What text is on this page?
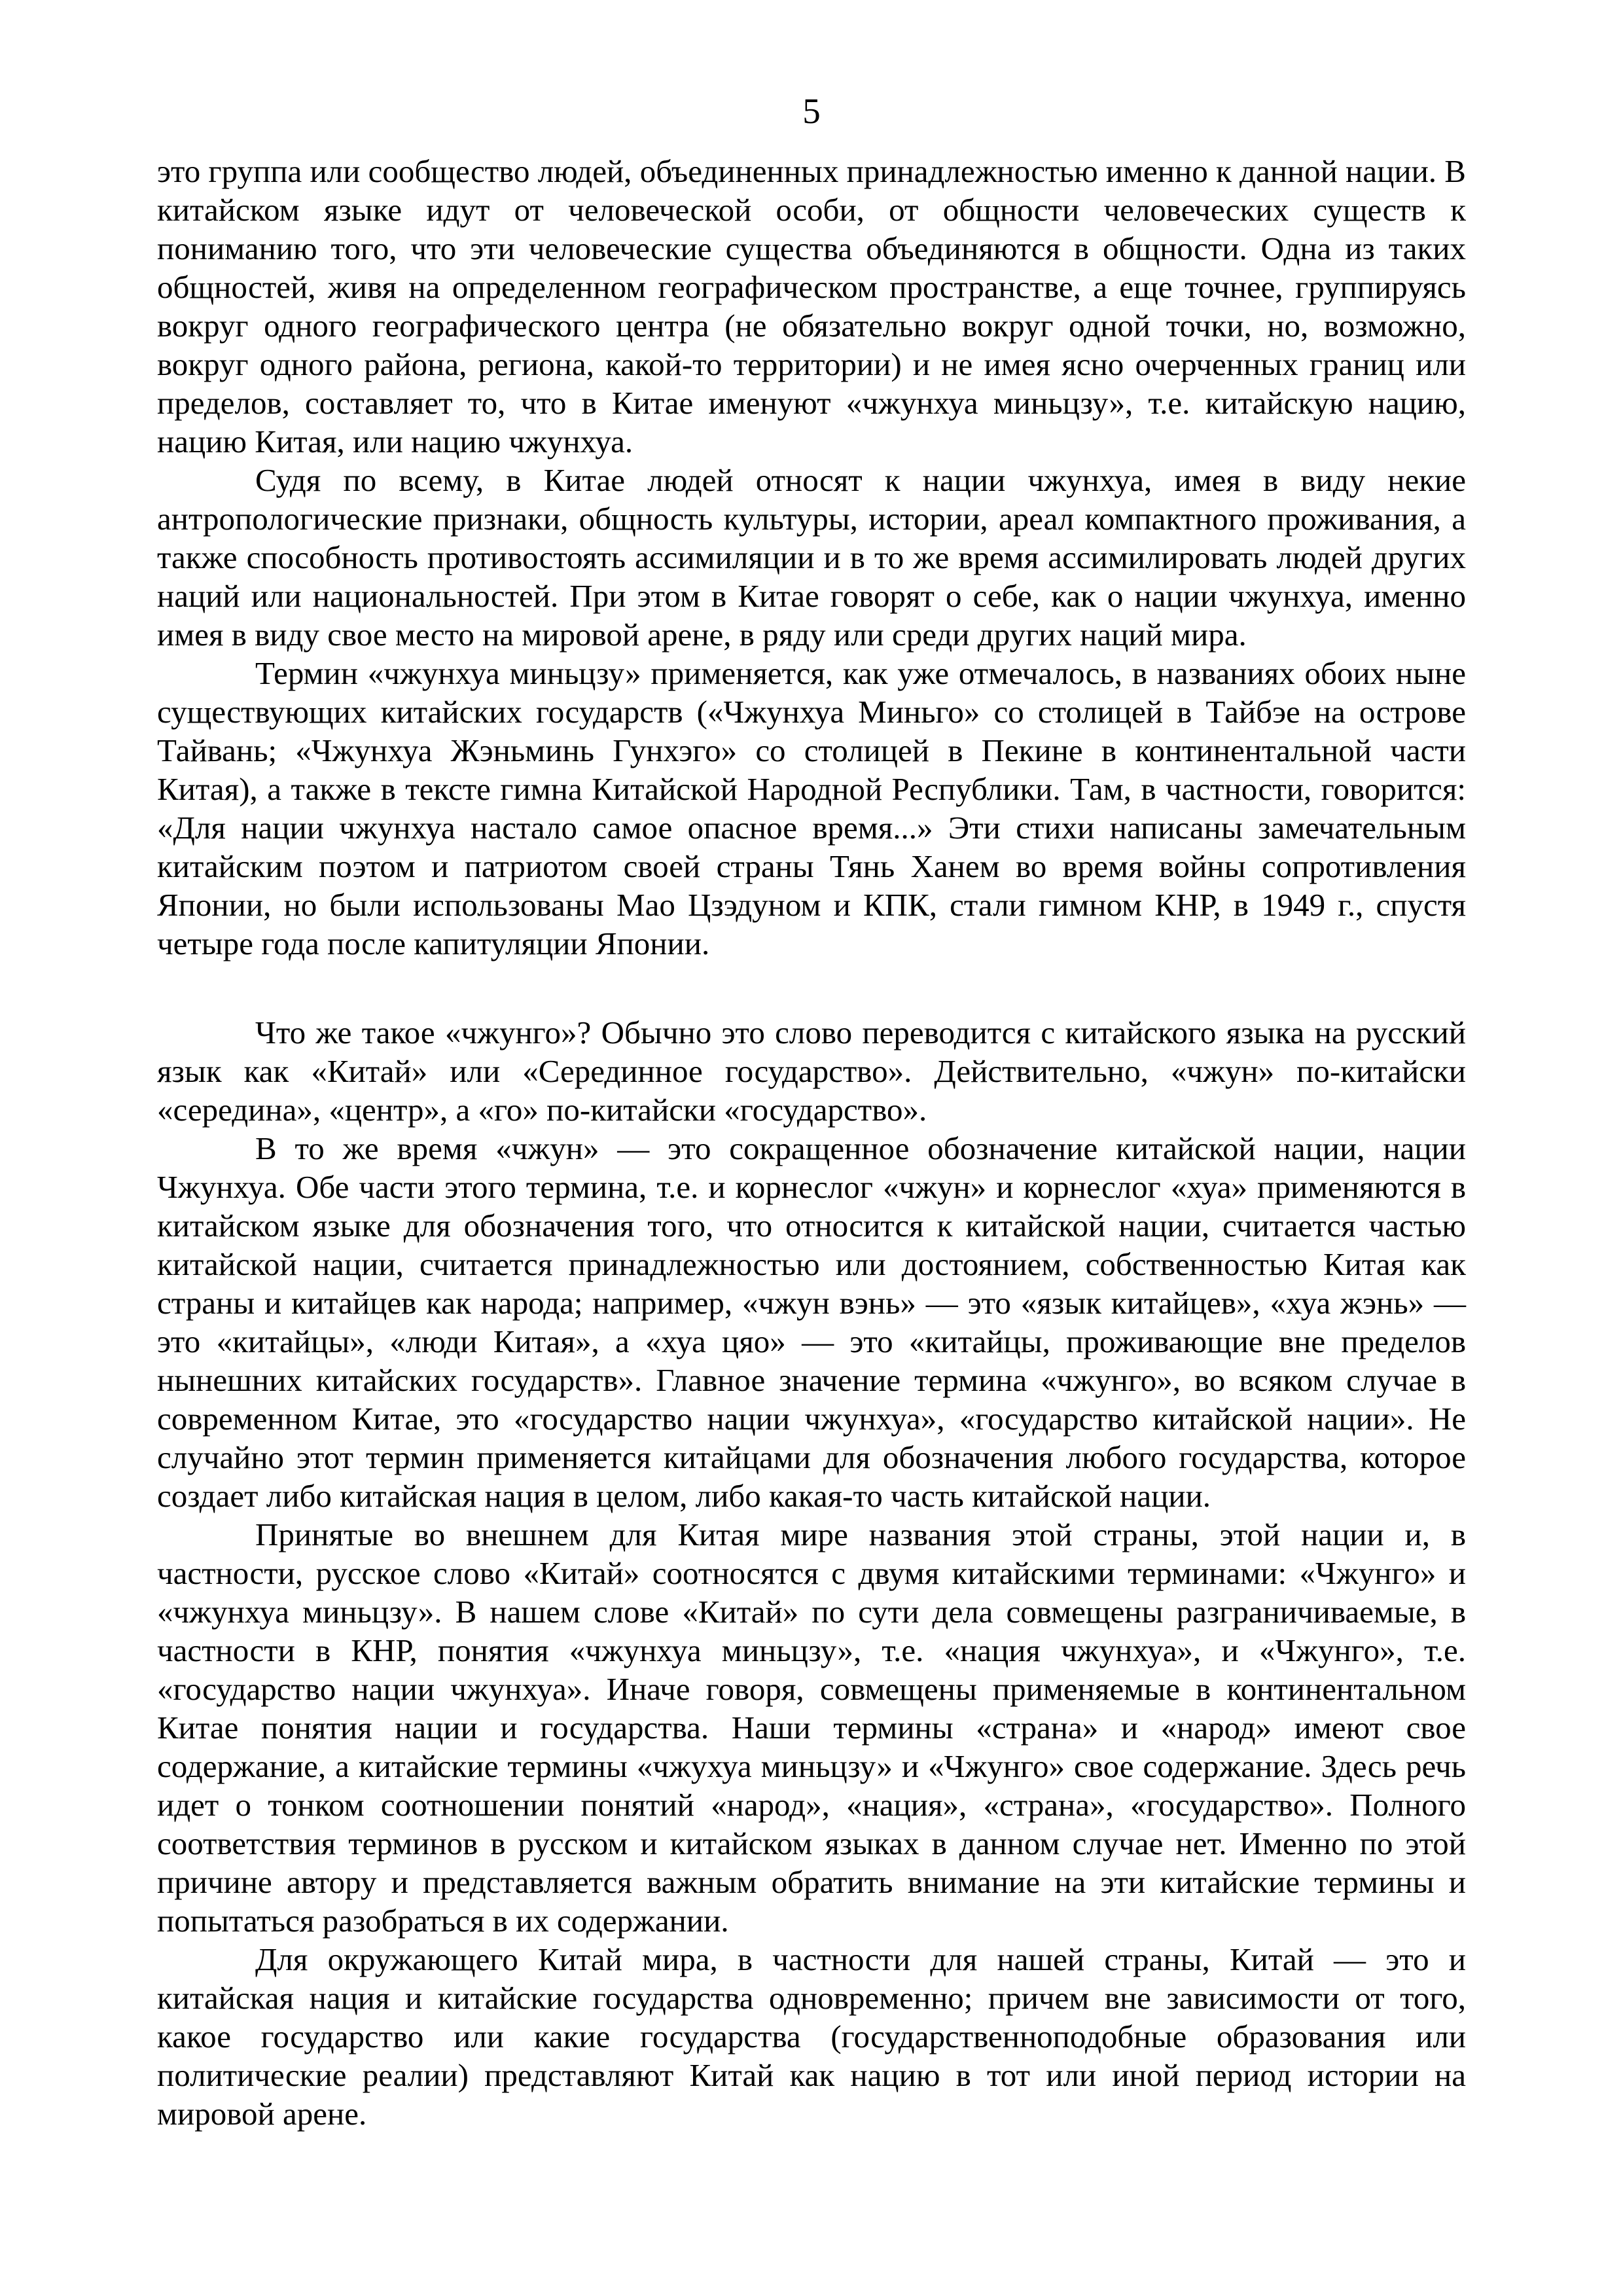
5

это группа или сообщество людей, объединенных принадлежностью именно к данной нации. В китайском языке идут от человеческой особи, от общности человеческих существ к пониманию того, что эти человеческие существа объединяются в общности. Одна из таких общностей, живя на определенном географическом пространстве, а еще точнее, группируясь вокруг одного географического центра (не обязательно вокруг одной точки, но, возможно, вокруг одного района, региона, какой-то территории) и не имея ясно очерченных границ или пределов, составляет то, что в Китае именуют «чжунхуа миньцзу», т.е. китайскую нацию, нацию Китая, или нацию чжунхуа.

Судя по всему, в Китае людей относят к нации чжунхуа, имея в виду некие антропологические признаки, общность культуры, истории, ареал компактного проживания, а также способность противостоять ассимиляции и в то же время ассимилировать людей других наций или национальностей. При этом в Китае говорят о себе, как о нации чжунхуа, именно имея в виду свое место на мировой арене, в ряду или среди других наций мира.

Термин «чжунхуа миньцзу» применяется, как уже отмечалось, в названиях обоих ныне существующих китайских государств («Чжунхуа Миньго» со столицей в Тайбэе на острове Тайвань; «Чжунхуа Жэньминь Гунхэго» со столицей в Пекине в континентальной части Китая), а также в тексте гимна Китайской Народной Республики. Там, в частности, говорится: «Для нации чжунхуа настало самое опасное время...» Эти стихи написаны замечательным китайским поэтом и патриотом своей страны Тянь Ханем во время войны сопротивления Японии, но были использованы Мао Цзэдуном и КПК, стали гимном КНР, в 1949 г., спустя четыре года после капитуляции Японии.

Что же такое «чжунго»? Обычно это слово переводится с китайского языка на русский язык как «Китай» или «Серединное государство». Действительно, «чжун» по-китайски «середина», «центр», а «го» по-китайски «государство».

В то же время «чжун» — это сокращенное обозначение китайской нации, нации Чжунхуа. Обе части этого термина, т.е. и корнеслог «чжун» и корнеслог «хуа» применяются в китайском языке для обозначения того, что относится к китайской нации, считается частью китайской нации, считается принадлежностью или достоянием, собственностью Китая как страны и китайцев как народа; например, «чжун вэнь» — это «язык китайцев», «хуа жэнь» — это «китайцы», «люди Китая», а «хуа цяо» — это «китайцы, проживающие вне пределов нынешних китайских государств». Главное значение термина «чжунго», во всяком случае в современном Китае, это «государство нации чжунхуа», «государство китайской нации». Не случайно этот термин применяется китайцами для обозначения любого государства, которое создает либо китайская нация в целом, либо какая-то часть китайской нации.

Принятые во внешнем для Китая мире названия этой страны, этой нации и, в частности, русское слово «Китай» соотносятся с двумя китайскими терминами: «Чжунго» и «чжунхуа миньцзу». В нашем слове «Китай» по сути дела совмещены разграничиваемые, в частности в КНР, понятия «чжунхуа миньцзу», т.е. «нация чжунхуа», и «Чжунго», т.е. «государство нации чжунхуа». Иначе говоря, совмещены применяемые в континентальном Китае понятия нации и государства. Наши термины «страна» и «народ» имеют свое содержание, а китайские термины «чжухуа миньцзу» и «Чжунго» свое содержание. Здесь речь идет о тонком соотношении понятий «народ», «нация», «страна», «государство». Полного соответствия терминов в русском и китайском языках в данном случае нет. Именно по этой причине автору и представляется важным обратить внимание на эти китайские термины и попытаться разобраться в их содержании.

Для окружающего Китай мира, в частности для нашей страны, Китай — это и китайская нация и китайские государства одновременно; причем вне зависимости от того, какое государство или какие государства (государственноподобные образования или политические реалии) представляют Китай как нацию в тот или иной период истории на мировой арене.
